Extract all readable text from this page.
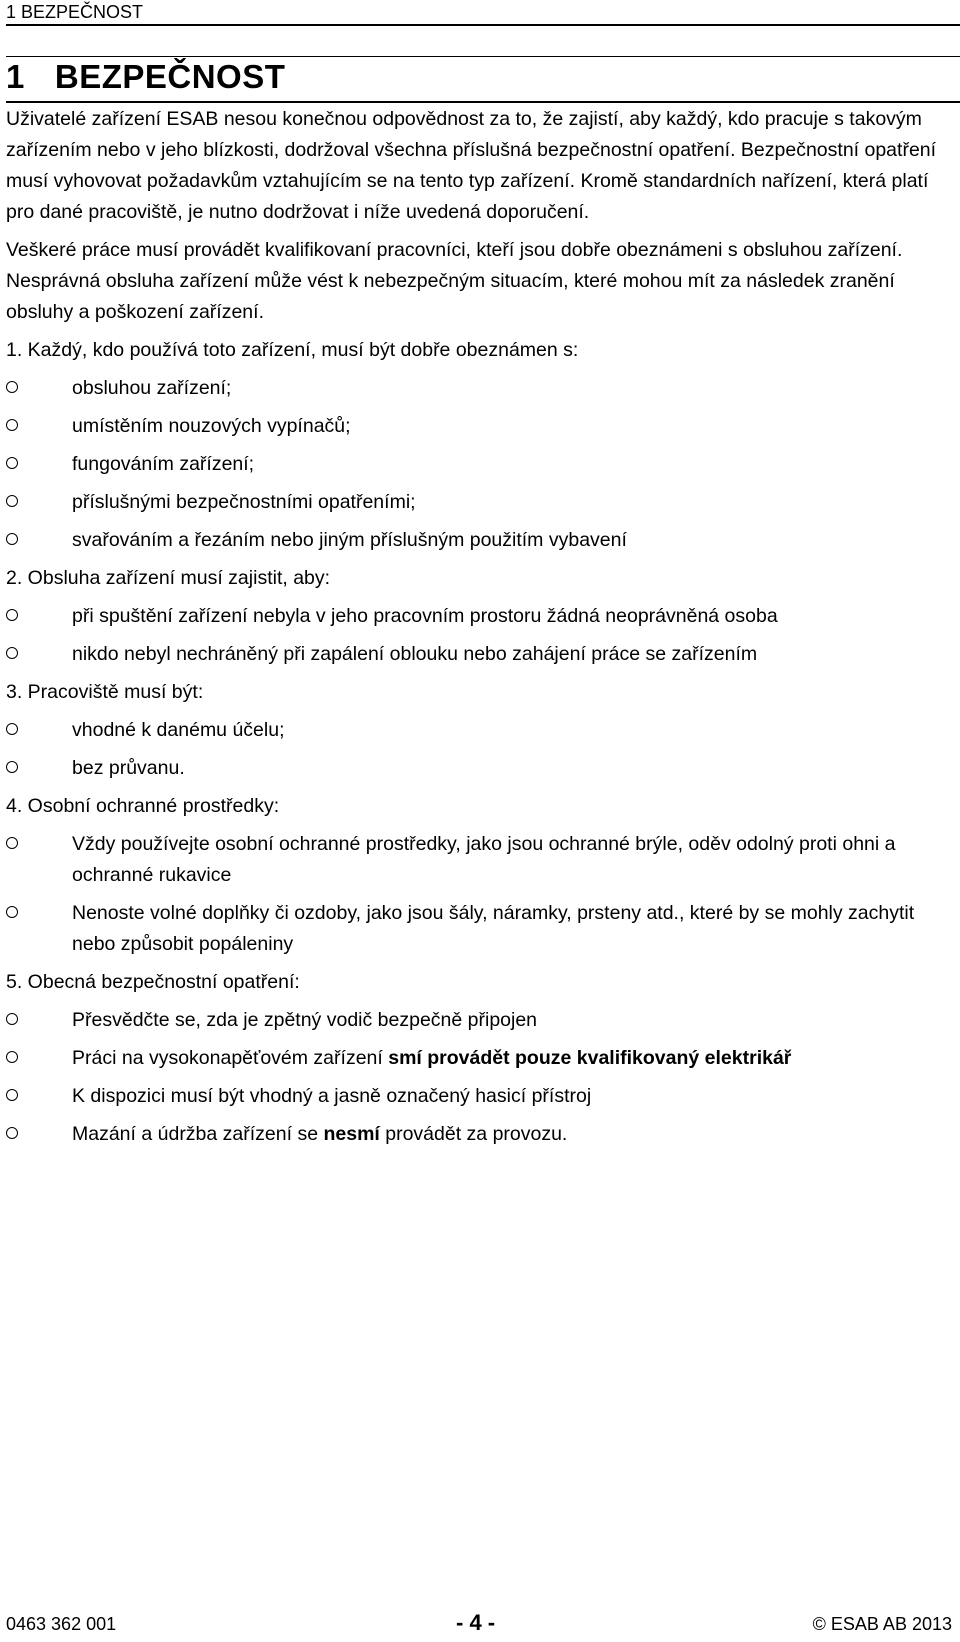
1 BEZPEČNOST
1 BEZPEČNOST

Uživatelé zařízení ESAB nesou konečnou odpovědnost za to, že zajistí, aby každý, kdo pracuje s takovým zařízením nebo v jeho blízkosti, dodržoval všechna příslušná bezpečnostní opatření. Bezpečnostní opatření musí vyhovovat požadavkům vztahujícím se na tento typ zařízení. Kromě standardních nařízení, která platí pro dané pracoviště, je nutno dodržovat i níže uvedená doporučení.

Veškeré práce musí provádět kvalifikovaní pracovníci, kteří jsou dobře obeznámeni s obsluhou zařízení. Nesprávná obsluha zařízení může vést k nebezpečným situacím, které mohou mít za následek zranění obsluhy a poškození zařízení.

1. Každý, kdo používá toto zařízení, musí být dobře obeznámen s:
obsluhou zařízení;
umístěním nouzových vypínačů;
fungováním zařízení;
příslušnými bezpečnostními opatřeními;
svařováním a řezáním nebo jiným příslušným použitím vybavení
2. Obsluha zařízení musí zajistit, aby:
při spuštění zařízení nebyla v jeho pracovním prostoru žádná neoprávněná osoba
nikdo nebyl nechráněný při zapálení oblouku nebo zahájení práce se zařízením
3. Pracoviště musí být:
vhodné k danému účelu;
bez průvanu.
4. Osobní ochranné prostředky:
Vždy používejte osobní ochranné prostředky, jako jsou ochranné brýle, oděv odolný proti ohni a ochranné rukavice
Nenoste volné doplňky či ozdoby, jako jsou šály, náramky, prsteny atd., které by se mohly zachytit nebo způsobit popáleniny
5. Obecná bezpečnostní opatření:
Přesvědčte se, zda je zpětný vodič bezpečně připojen
Práci na vysokonapěťovém zařízení smí provádět pouze kvalifikovaný elektrikář
K dispozici musí být vhodný a jasně označený hasicí přístroj
Mazání a údržba zařízení se nesmí provádět za provozu.
0463 362 001	- 4 -	© ESAB AB 2013
